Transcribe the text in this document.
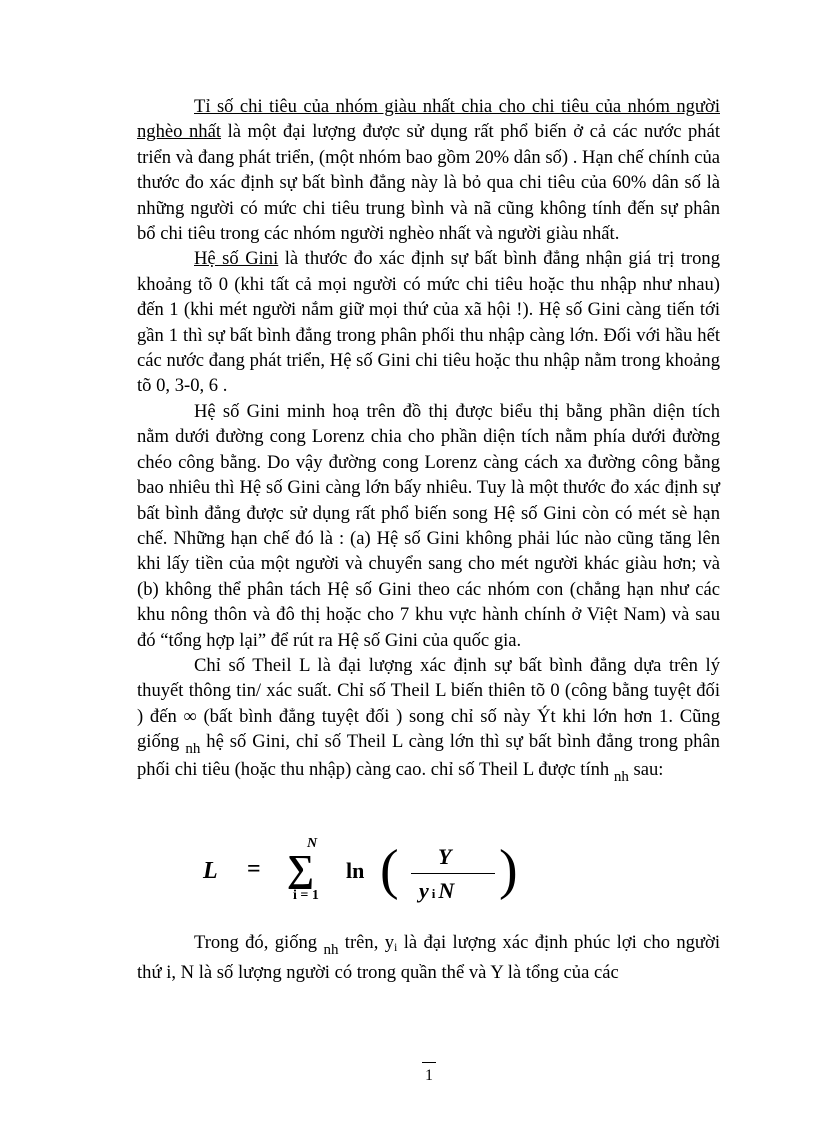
Tỉ số chi tiêu của nhóm giàu nhất chia cho chi tiêu của nhóm người nghèo nhất là một đại lượng được sử dụng rất phổ biến ở cả các nước phát triển và đang phát triển, (một nhóm bao gồm 20% dân số) . Hạn chế chính của thước đo xác định sự bất bình đẳng này là bỏ qua chi tiêu của 60% dân số là những người có mức chi tiêu trung bình và nã cũng không tính đến sự phân bổ chi tiêu trong các nhóm người nghèo nhất và người giàu nhất.

Hệ số Gini là thước đo xác định sự bất bình đẳng nhận giá trị trong khoảng tõ 0 (khi tất cả mọi người có mức chi tiêu hoặc thu nhập như nhau) đến 1 (khi mét người nắm giữ mọi thứ của xã hội !). Hệ số Gini càng tiến tới gần 1 thì sự bất bình đẳng trong phân phối thu nhập càng lớn. Đối với hầu hết các nước đang phát triển, Hệ số Gini chi tiêu hoặc thu nhập nằm trong khoảng tõ 0, 3-0, 6 .

Hệ số Gini minh hoạ trên đồ thị được biểu thị bằng phần diện tích nằm dưới đường cong Lorenz chia cho phần diện tích nằm phía dưới đường chéo công bằng. Do vậy đường cong Lorenz càng cách xa đường công bằng bao nhiêu thì Hệ số Gini càng lớn bấy nhiêu. Tuy là một thước đo xác định sự bất bình đẳng được sử dụng rất phổ biến song Hệ số Gini còn có mét sè hạn chế. Những hạn chế đó là : (a) Hệ số Gini không phải lúc nào cũng tăng lên khi lấy tiền của một người và chuyển sang cho mét người khác giàu hơn; và (b) không thể phân tách Hệ số Gini theo các nhóm con (chẳng hạn như các khu nông thôn và đô thị hoặc cho 7 khu vực hành chính ở Việt Nam) và sau đó “tổng hợp lại” để rút ra Hệ số Gini của quốc gia.

Chỉ số Theil L là đại lượng xác định sự bất bình đẳng dựa trên lý thuyết thông tin/ xác suất. Chỉ số Theil L biến thiên tõ 0 (công bằng tuyệt đối ) đến ∞ (bất bình đẳng tuyệt đối ) song chỉ số này Ýt khi lớn hơn 1. Cũng giống $_{nh}$ hệ số Gini, chỉ số Theil L càng lớn thì sự bất bình đẳng trong phân phối chi tiêu (hoặc thu nhập) càng cao. chỉ số Theil L được tính $_{nh}$ sau:

L = ∑
N
i = 1
ln ( Y
yi N )

Trong đó, giống $_{nh}$ trên, $y_i$ là đại lượng xác định phúc lợi cho người thứ i, N là số lượng người có trong quần thể và Y là tổng của các

1
